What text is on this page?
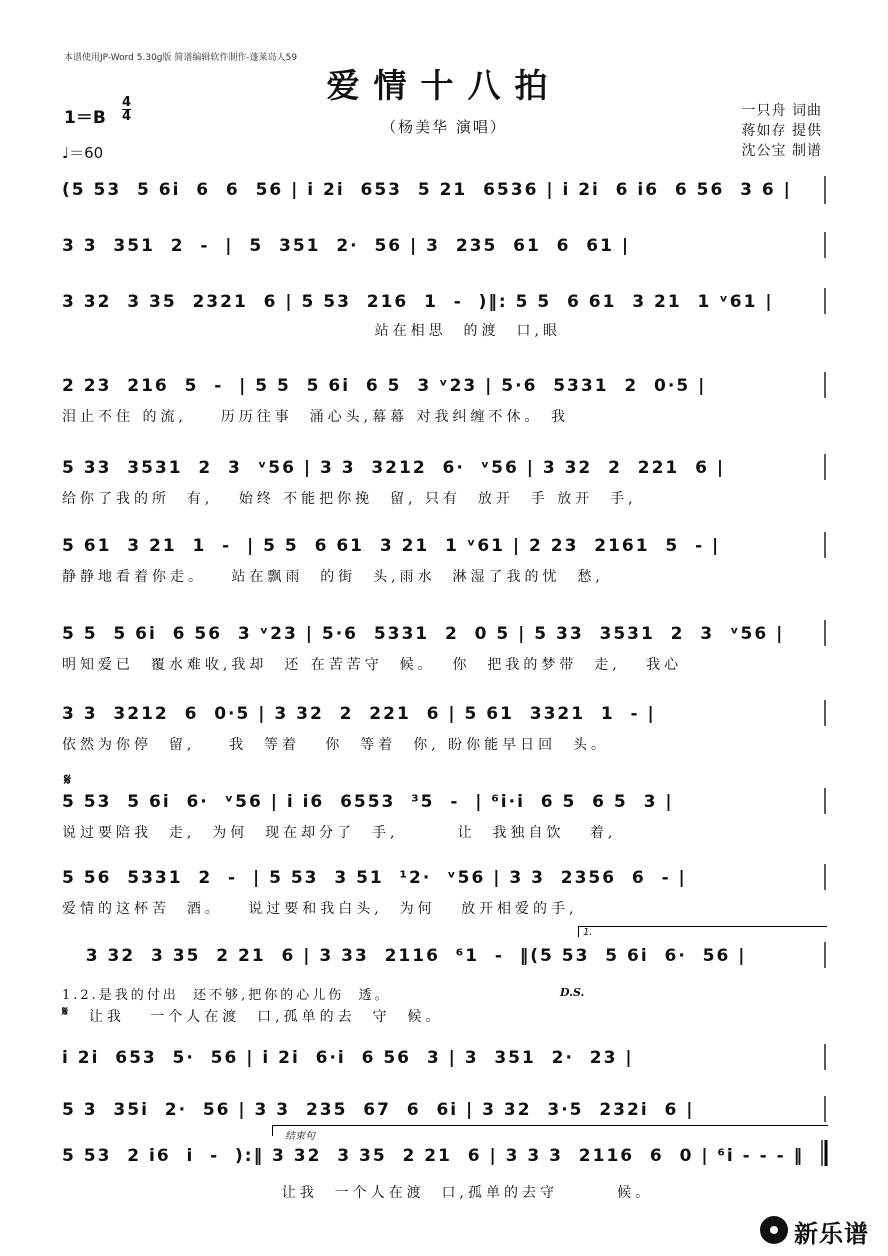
本谱使用JP-Word 5.30g版 简谱编辑软件制作-蓬莱岛人59
爱情十八拍
（杨美华 演唱）
1＝B
4
4
♩＝60
一只舟 词曲
蒋如存 提供
沈公宝 制谱
(5 53  5 6i  6  6  56 | i 2i  653  5 21  6536 | i 2i  6 i6  6 56  3 6 |
3 3  351  2  -  |  5  351  2·  56 | 3  235  61  6  61 |
3 32  3 35  2321  6 | 5 53  216  1  -  )‖: 5 5  6 61  3 21  1 ᵛ61 |
站在相思  的渡  口,眼
2 23  216  5  -  | 5 5  5 6i  6 5  3 ᵛ23 | 5·6  5331  2  0·5 |
泪止不住 的流,    历历往事  涌心头,幕幕 对我纠缠不休。 我
5 33  3531  2  3  ᵛ56 | 3 3  3212  6·  ᵛ56 | 3 32  2  221  6 |
给你了我的所  有,   始终 不能把你挽  留, 只有  放开  手 放开  手,
5 61  3 21  1  -  | 5 5  6 61  3 21  1 ᵛ61 | 2 23  2161  5  - |
静静地看着你走。   站在飘雨  的街  头,雨水  淋湿了我的忧  愁,
5 5  5 6i  6 56  3 ᵛ23 | 5·6  5331  2  0 5 | 5 33  3531  2  3  ᵛ56 |
明知爱已  覆水难收,我却  还 在苦苦守  候。  你  把我的梦带  走,   我心
3 3  3212  6  0·5 | 3 32  2  221  6 | 5 61  3321  1  - |
依然为你停  留,    我  等着   你  等着  你, 盼你能早日回  头。
𝄋
5 53  5 6i  6·  ᵛ56 | i i6  6553  ³5  -  | ⁶i·i  6 5  6 5  3 |
说过要陪我  走,  为何  现在却分了  手,       让  我独自饮   着,
5 56  5331  2  -  | 5 53  3 51  ¹2·  ᵛ56 | 3 3  2356  6  - |
爱情的这杯苦  酒。   说过要和我白头,  为何   放开相爱的手,
1.
3 32  3 35  2 21  6 | 3 33  2116  ⁶1  -  ‖(5 53  5 6i  6·  56 |
1.2.是我的付出  还不够,把你的心儿伤  透。	D.S.
𝄋 让我   一个人在渡  口,孤单的去  守  候。
i 2i  653  5·  56 | i 2i  6·i  6 56  3 | 3  351  2·  23 |
5 3  35i  2·  56 | 3 3  235  67  6  6i | 3 32  3·5  232i  6 |
结束句
5 53  2 i6  i  -  ):‖ 3 32  3 35  2 21  6 | 3 3 3  2116  6  0 | ⁶i - - - ‖
让我  一个人在渡  口,孤单的去守       候。
新乐谱
